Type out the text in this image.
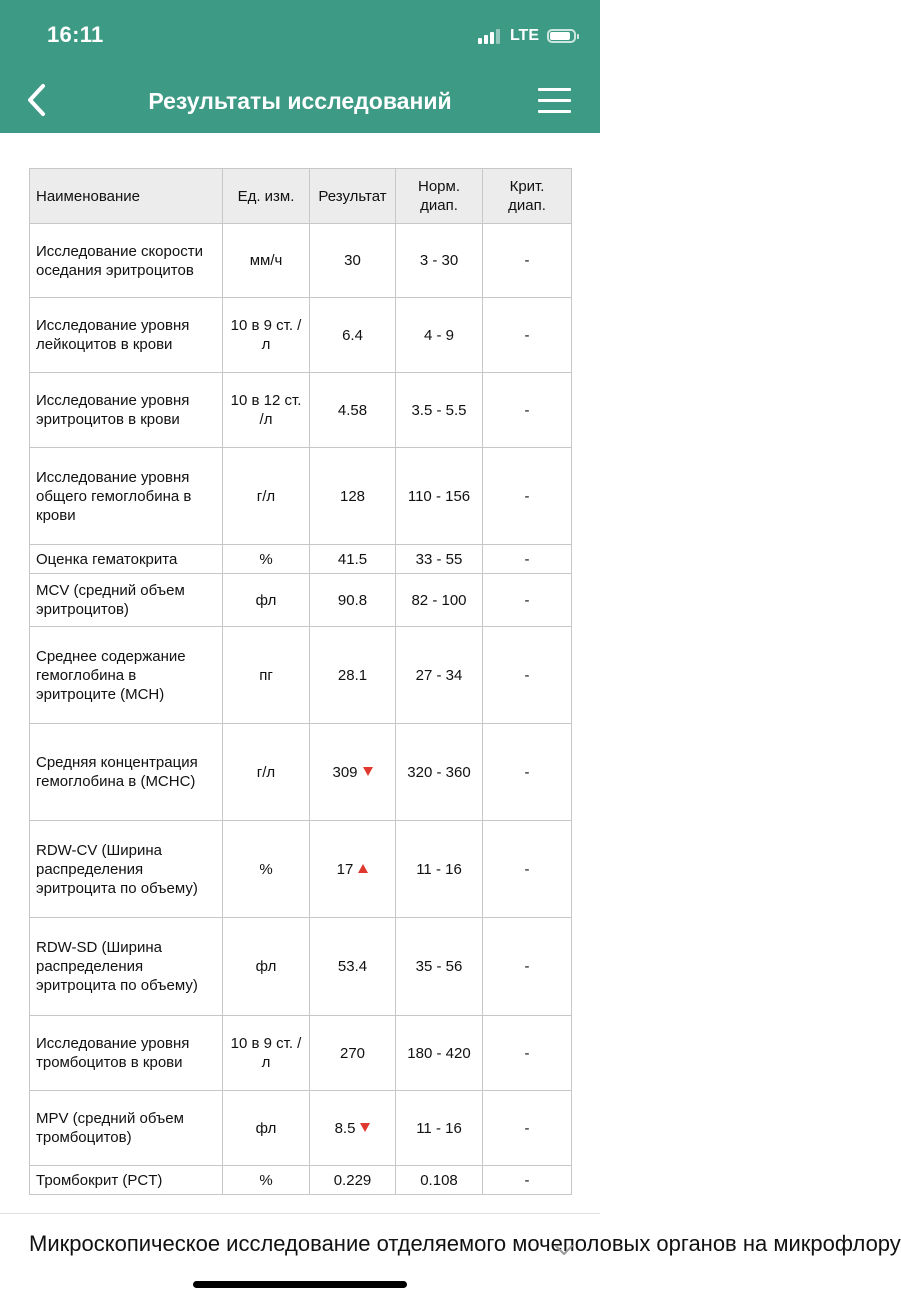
16:11	LTE
Результаты исследований
Наименование	Ед. изм.	Результат	Норм. диап.	Крит. диап.
Исследование скорости оседания эритроцитов	мм/ч	30	3 - 30	-
Исследование уровня лейкоцитов в крови	10 в 9 ст. /л	6.4	4 - 9	-
Исследование уровня эритроцитов в крови	10 в 12 ст. /л	4.58	3.5 - 5.5	-
Исследование уровня общего гемоглобина в крови	г/л	128	110 - 156	-
Оценка гематокрита	%	41.5	33 - 55	-
MCV (средний объем эритроцитов)	фл	90.8	82 - 100	-
Среднее содержание гемоглобина в эритроците (MCH)	пг	28.1	27 - 34	-
Средняя концентрация гемоглобина в (MCHC)	г/л	309	320 - 360	-
RDW-CV (Ширина распределения эритроцита по объему)	%	17	11 - 16	-
RDW-SD (Ширина распределения эритроцита по объему)	фл	53.4	35 - 56	-
Исследование уровня тромбоцитов в крови	10 в 9 ст. /л	270	180 - 420	-
MPV (средний объем тромбоцитов)	фл	8.5	11 - 16	-
Тромбокрит (PCT)	%	0.229	0.108	-
Микроскопическое исследование отделяемого мочеполовых органов на микрофлору
